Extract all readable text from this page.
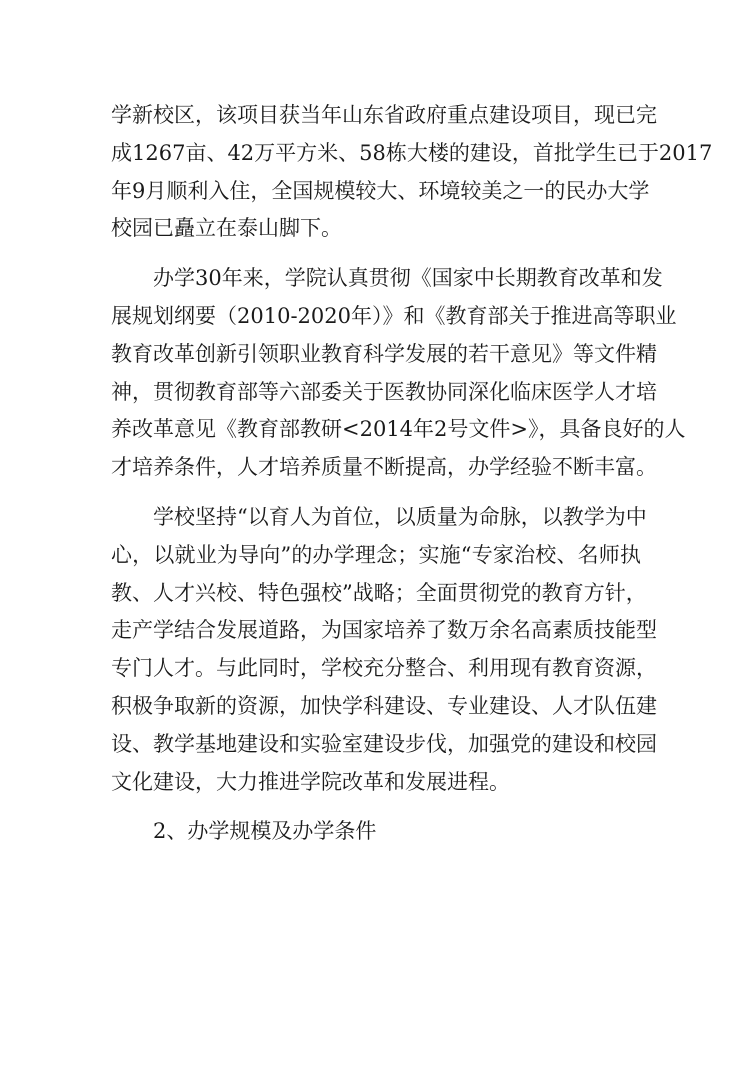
学新校区，该项目获当年山东省政府重点建设项目，现已完
成1267亩、42万平方米、58栋大楼的建设，首批学生已于2017
年9月顺利入住，全国规模较大、环境较美之一的民办大学
校园已矗立在泰山脚下。
办学30年来，学院认真贯彻《国家中长期教育改革和发
展规划纲要（2010-2020年）》和《教育部关于推进高等职业
教育改革创新引领职业教育科学发展的若干意见》等文件精
神，贯彻教育部等六部委关于医教协同深化临床医学人才培
养改革意见《教育部教研<2014年2号文件>》，具备良好的人
才培养条件，人才培养质量不断提高，办学经验不断丰富。
学校坚持“以育人为首位，以质量为命脉，以教学为中
心，以就业为导向”的办学理念；实施“专家治校、名师执
教、人才兴校、特色强校”战略；全面贯彻党的教育方针，
走产学结合发展道路，为国家培养了数万余名高素质技能型
专门人才。与此同时，学校充分整合、利用现有教育资源，
积极争取新的资源，加快学科建设、专业建设、人才队伍建
设、教学基地建设和实验室建设步伐，加强党的建设和校园
文化建设，大力推进学院改革和发展进程。
2、办学规模及办学条件
